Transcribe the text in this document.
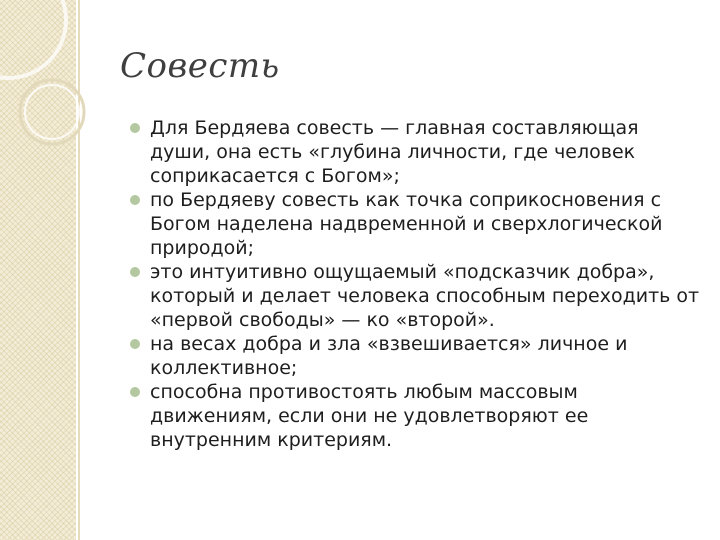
Совесть
Для Бердяева совесть — главная составляющая души, она есть «глубина личности, где человек соприкасается с Богом»;
по Бердяеву совесть как точка соприкосновения с Богом наделена надвременной и сверхлогической природой;
это интуитивно ощущаемый «подсказчик добра», который и делает человека способным переходить от «первой свободы» — ко «второй».
на весах добра и зла «взвешивается» личное и коллективное;
способна противостоять любым массовым движениям, если они не удовлетворяют ее внутренним критериям.
